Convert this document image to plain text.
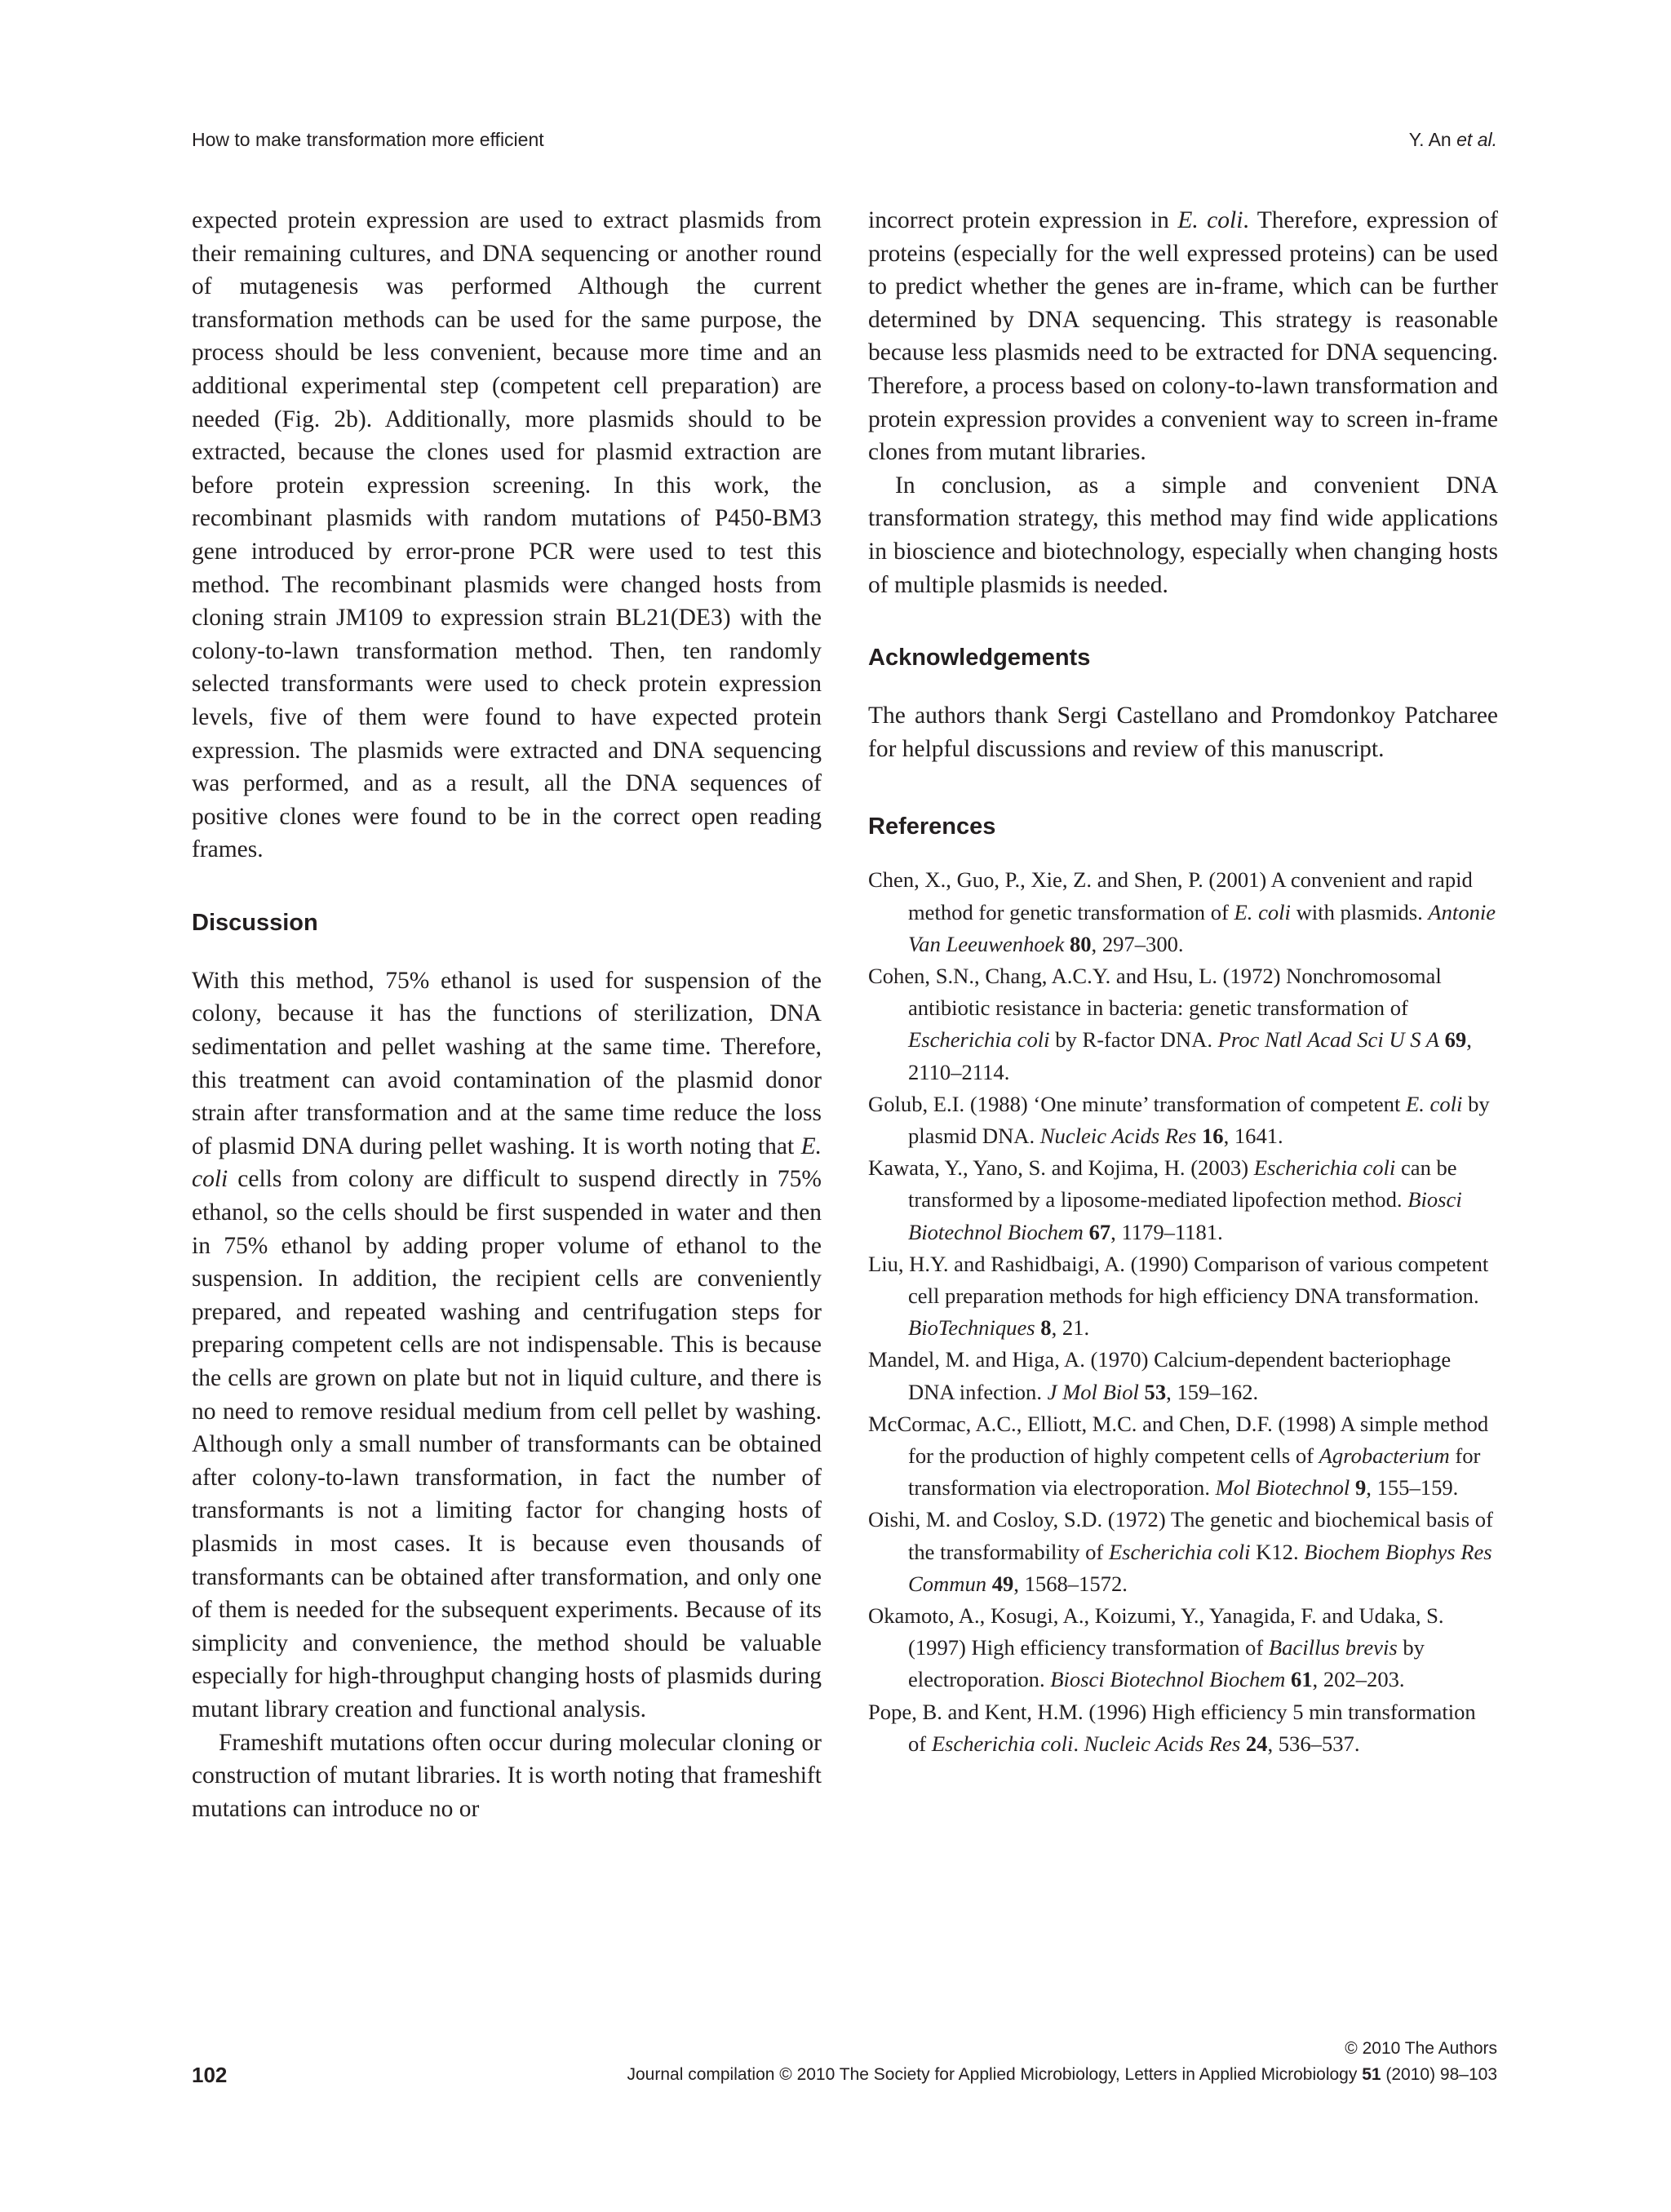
How to make transformation more efficient	Y. An et al.

expected protein expression are used to extract plasmids from their remaining cultures, and DNA sequencing or another round of mutagenesis was performed Although the current transformation methods can be used for the same purpose, the process should be less convenient, because more time and an additional experimental step (competent cell preparation) are needed (Fig. 2b). Additionally, more plasmids should to be extracted, because the clones used for plasmid extraction are before protein expression screening. In this work, the recombinant plasmids with random mutations of P450-BM3 gene introduced by error-prone PCR were used to test this method. The recombinant plasmids were changed hosts from cloning strain JM109 to expression strain BL21(DE3) with the colony-to-lawn transformation method. Then, ten randomly selected transformants were used to check protein expression levels, five of them were found to have expected protein expression. The plasmids were extracted and DNA sequencing was performed, and as a result, all the DNA sequences of positive clones were found to be in the correct open reading frames.

Discussion

With this method, 75% ethanol is used for suspension of the colony, because it has the functions of sterilization, DNA sedimentation and pellet washing at the same time. Therefore, this treatment can avoid contamination of the plasmid donor strain after transformation and at the same time reduce the loss of plasmid DNA during pellet washing. It is worth noting that E. coli cells from colony are difficult to suspend directly in 75% ethanol, so the cells should be first suspended in water and then in 75% ethanol by adding proper volume of ethanol to the suspension. In addition, the recipient cells are conveniently prepared, and repeated washing and centrifugation steps for preparing competent cells are not indispensable. This is because the cells are grown on plate but not in liquid culture, and there is no need to remove residual medium from cell pellet by washing. Although only a small number of transformants can be obtained after colony-to-lawn transformation, in fact the number of transformants is not a limiting factor for changing hosts of plasmids in most cases. It is because even thousands of transformants can be obtained after transformation, and only one of them is needed for the subsequent experiments. Because of its simplicity and convenience, the method should be valuable especially for high-throughput changing hosts of plasmids during mutant library creation and functional analysis.

Frameshift mutations often occur during molecular cloning or construction of mutant libraries. It is worth noting that frameshift mutations can introduce no or

incorrect protein expression in E. coli. Therefore, expression of proteins (especially for the well expressed proteins) can be used to predict whether the genes are in-frame, which can be further determined by DNA sequencing. This strategy is reasonable because less plasmids need to be extracted for DNA sequencing. Therefore, a process based on colony-to-lawn transformation and protein expression provides a convenient way to screen in-frame clones from mutant libraries.

In conclusion, as a simple and convenient DNA transformation strategy, this method may find wide applications in bioscience and biotechnology, especially when changing hosts of multiple plasmids is needed.

Acknowledgements

The authors thank Sergi Castellano and Promdonkoy Patcharee for helpful discussions and review of this manuscript.

References
Chen, X., Guo, P., Xie, Z. and Shen, P. (2001) A convenient and rapid method for genetic transformation of E. coli with plasmids. Antonie Van Leeuwenhoek 80, 297–300.
Cohen, S.N., Chang, A.C.Y. and Hsu, L. (1972) Nonchromosomal antibiotic resistance in bacteria: genetic transformation of Escherichia coli by R-factor DNA. Proc Natl Acad Sci U S A 69, 2110–2114.
Golub, E.I. (1988) ‘One minute’ transformation of competent E. coli by plasmid DNA. Nucleic Acids Res 16, 1641.
Kawata, Y., Yano, S. and Kojima, H. (2003) Escherichia coli can be transformed by a liposome-mediated lipofection method. Biosci Biotechnol Biochem 67, 1179–1181.
Liu, H.Y. and Rashidbaigi, A. (1990) Comparison of various competent cell preparation methods for high efficiency DNA transformation. BioTechniques 8, 21.
Mandel, M. and Higa, A. (1970) Calcium-dependent bacteriophage DNA infection. J Mol Biol 53, 159–162.
McCormac, A.C., Elliott, M.C. and Chen, D.F. (1998) A simple method for the production of highly competent cells of Agrobacterium for transformation via electroporation. Mol Biotechnol 9, 155–159.
Oishi, M. and Cosloy, S.D. (1972) The genetic and biochemical basis of the transformability of Escherichia coli K12. Biochem Biophys Res Commun 49, 1568–1572.
Okamoto, A., Kosugi, A., Koizumi, Y., Yanagida, F. and Udaka, S. (1997) High efficiency transformation of Bacillus brevis by electroporation. Biosci Biotechnol Biochem 61, 202–203.
Pope, B. and Kent, H.M. (1996) High efficiency 5 min transformation of Escherichia coli. Nucleic Acids Res 24, 536–537.
© 2010 The Authors
102	Journal compilation © 2010 The Society for Applied Microbiology, Letters in Applied Microbiology 51 (2010) 98–103
